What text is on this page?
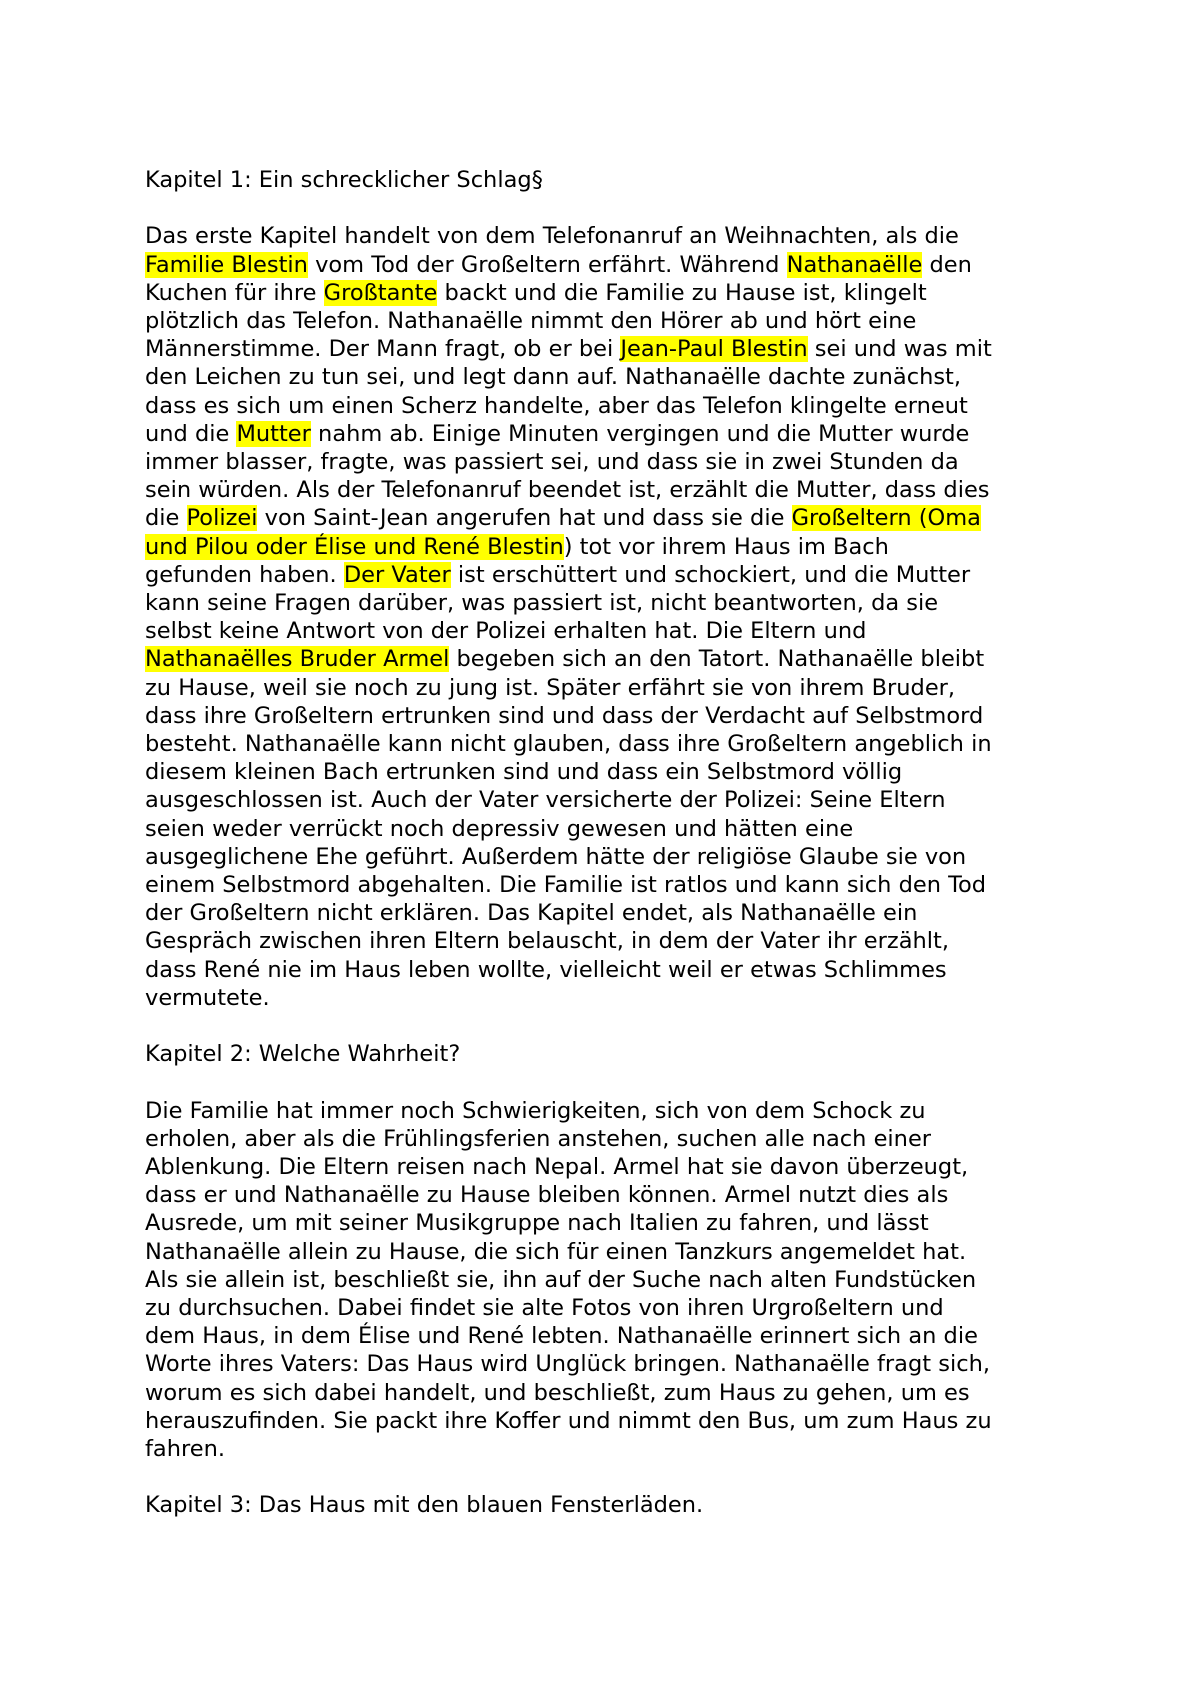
Kapitel 1: Ein schrecklicher Schlag§
Das erste Kapitel handelt von dem Telefonanruf an Weihnachten, als die
Familie Blestin vom Tod der Großeltern erfährt. Während Nathanaëlle den
Kuchen für ihre Großtante backt und die Familie zu Hause ist, klingelt
plötzlich das Telefon. Nathanaëlle nimmt den Hörer ab und hört eine
Männerstimme. Der Mann fragt, ob er bei Jean-Paul Blestin sei und was mit
den Leichen zu tun sei, und legt dann auf. Nathanaëlle dachte zunächst,
dass es sich um einen Scherz handelte, aber das Telefon klingelte erneut
und die Mutter nahm ab. Einige Minuten vergingen und die Mutter wurde
immer blasser, fragte, was passiert sei, und dass sie in zwei Stunden da
sein würden. Als der Telefonanruf beendet ist, erzählt die Mutter, dass dies
die Polizei von Saint-Jean angerufen hat und dass sie die Großeltern (Oma
und Pilou oder Élise und René Blestin) tot vor ihrem Haus im Bach
gefunden haben. Der Vater ist erschüttert und schockiert, und die Mutter
kann seine Fragen darüber, was passiert ist, nicht beantworten, da sie
selbst keine Antwort von der Polizei erhalten hat. Die Eltern und
Nathanaëlles Bruder Armel begeben sich an den Tatort. Nathanaëlle bleibt
zu Hause, weil sie noch zu jung ist. Später erfährt sie von ihrem Bruder,
dass ihre Großeltern ertrunken sind und dass der Verdacht auf Selbstmord
besteht. Nathanaëlle kann nicht glauben, dass ihre Großeltern angeblich in
diesem kleinen Bach ertrunken sind und dass ein Selbstmord völlig
ausgeschlossen ist. Auch der Vater versicherte der Polizei: Seine Eltern
seien weder verrückt noch depressiv gewesen und hätten eine
ausgeglichene Ehe geführt. Außerdem hätte der religiöse Glaube sie von
einem Selbstmord abgehalten. Die Familie ist ratlos und kann sich den Tod
der Großeltern nicht erklären. Das Kapitel endet, als Nathanaëlle ein
Gespräch zwischen ihren Eltern belauscht, in dem der Vater ihr erzählt,
dass René nie im Haus leben wollte, vielleicht weil er etwas Schlimmes
vermutete.
Kapitel 2: Welche Wahrheit?
Die Familie hat immer noch Schwierigkeiten, sich von dem Schock zu
erholen, aber als die Frühlingsferien anstehen, suchen alle nach einer
Ablenkung. Die Eltern reisen nach Nepal. Armel hat sie davon überzeugt,
dass er und Nathanaëlle zu Hause bleiben können. Armel nutzt dies als
Ausrede, um mit seiner Musikgruppe nach Italien zu fahren, und lässt
Nathanaëlle allein zu Hause, die sich für einen Tanzkurs angemeldet hat.
Als sie allein ist, beschließt sie, ihn auf der Suche nach alten Fundstücken
zu durchsuchen. Dabei findet sie alte Fotos von ihren Urgroßeltern und
dem Haus, in dem Élise und René lebten. Nathanaëlle erinnert sich an die
Worte ihres Vaters: Das Haus wird Unglück bringen. Nathanaëlle fragt sich,
worum es sich dabei handelt, und beschließt, zum Haus zu gehen, um es
herauszufinden. Sie packt ihre Koffer und nimmt den Bus, um zum Haus zu
fahren.
Kapitel 3: Das Haus mit den blauen Fensterläden.
